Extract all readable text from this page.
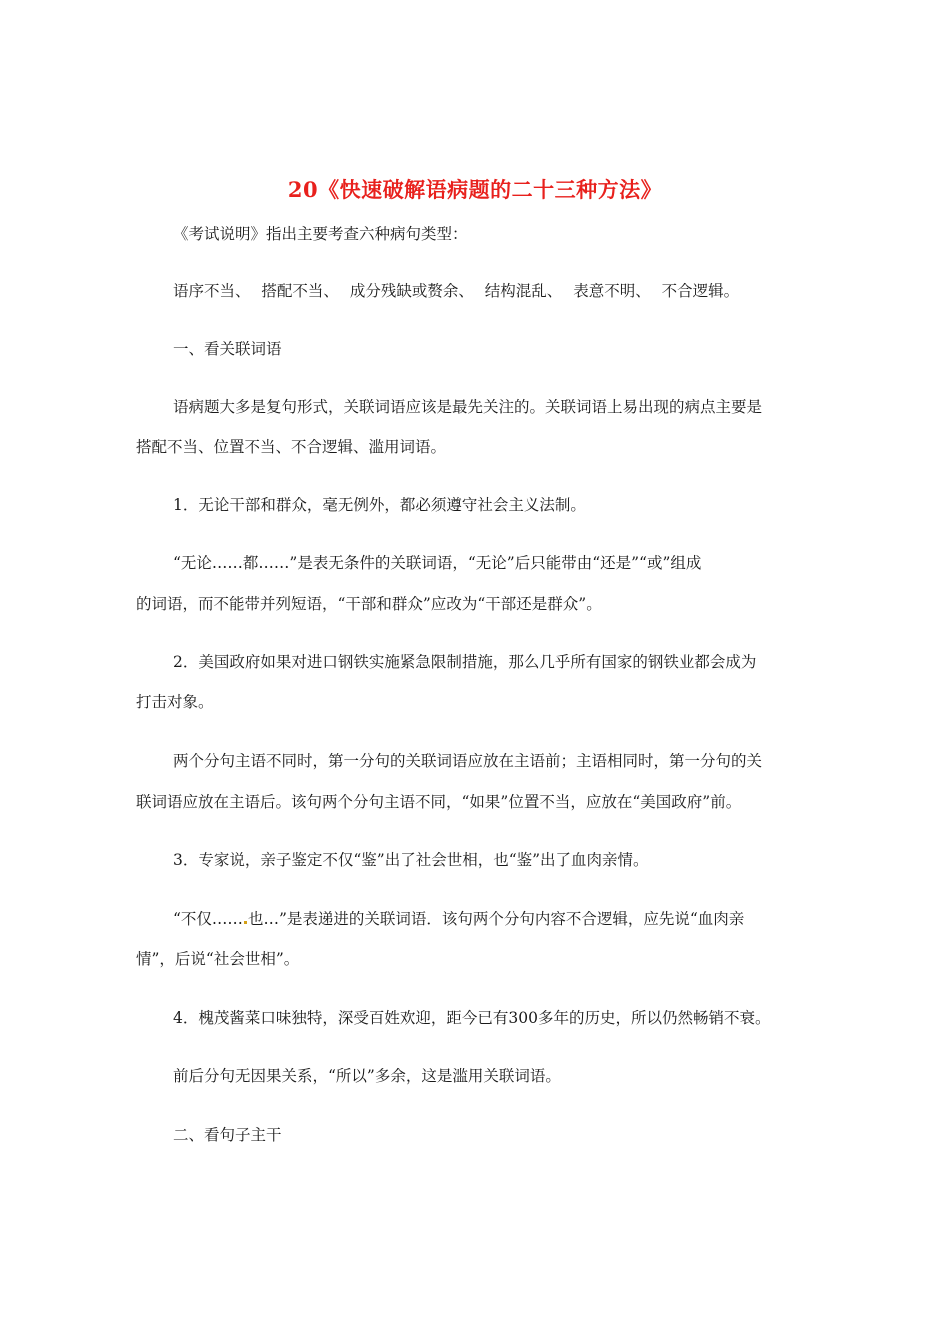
20《快速破解语病题的二十三种方法》
《考试说明》指出主要考查六种病句类型：
语序不当、 搭配不当、 成分残缺或赘余、 结构混乱、 表意不明、 不合逻辑。
一、看关联词语
语病题大多是复句形式，关联词语应该是最先关注的。关联词语上易出现的病点主要是
搭配不当、位置不当、不合逻辑、滥用词语。
1．无论干部和群众，毫无例外，都必须遵守社会主义法制。
“无论……都……”是表无条件的关联词语，“无论”后只能带由“还是”“或”组成
的词语，而不能带并列短语，“干部和群众”应改为“干部还是群众”。
2．美国政府如果对进口钢铁实施紧急限制措施，那么几乎所有国家的钢铁业都会成为
打击对象。
两个分句主语不同时，第一分句的关联词语应放在主语前；主语相同时，第一分句的关
联词语应放在主语后。该句两个分句主语不同，“如果”位置不当，应放在“美国政府”前。
3．专家说，亲子鉴定不仅“鉴”出了社会世相，也“鉴”出了血肉亲情。
“不仅…… 也…”是表递进的关联词语．该句两个分句内容不合逻辑，应先说“血肉亲
情”，后说“社会世相”。
4．槐茂酱菜口味独特，深受百姓欢迎，距今已有300多年的历史，所以仍然畅销不衰。
前后分句无因果关系，“所以”多余，这是滥用关联词语。
二、看句子主干
